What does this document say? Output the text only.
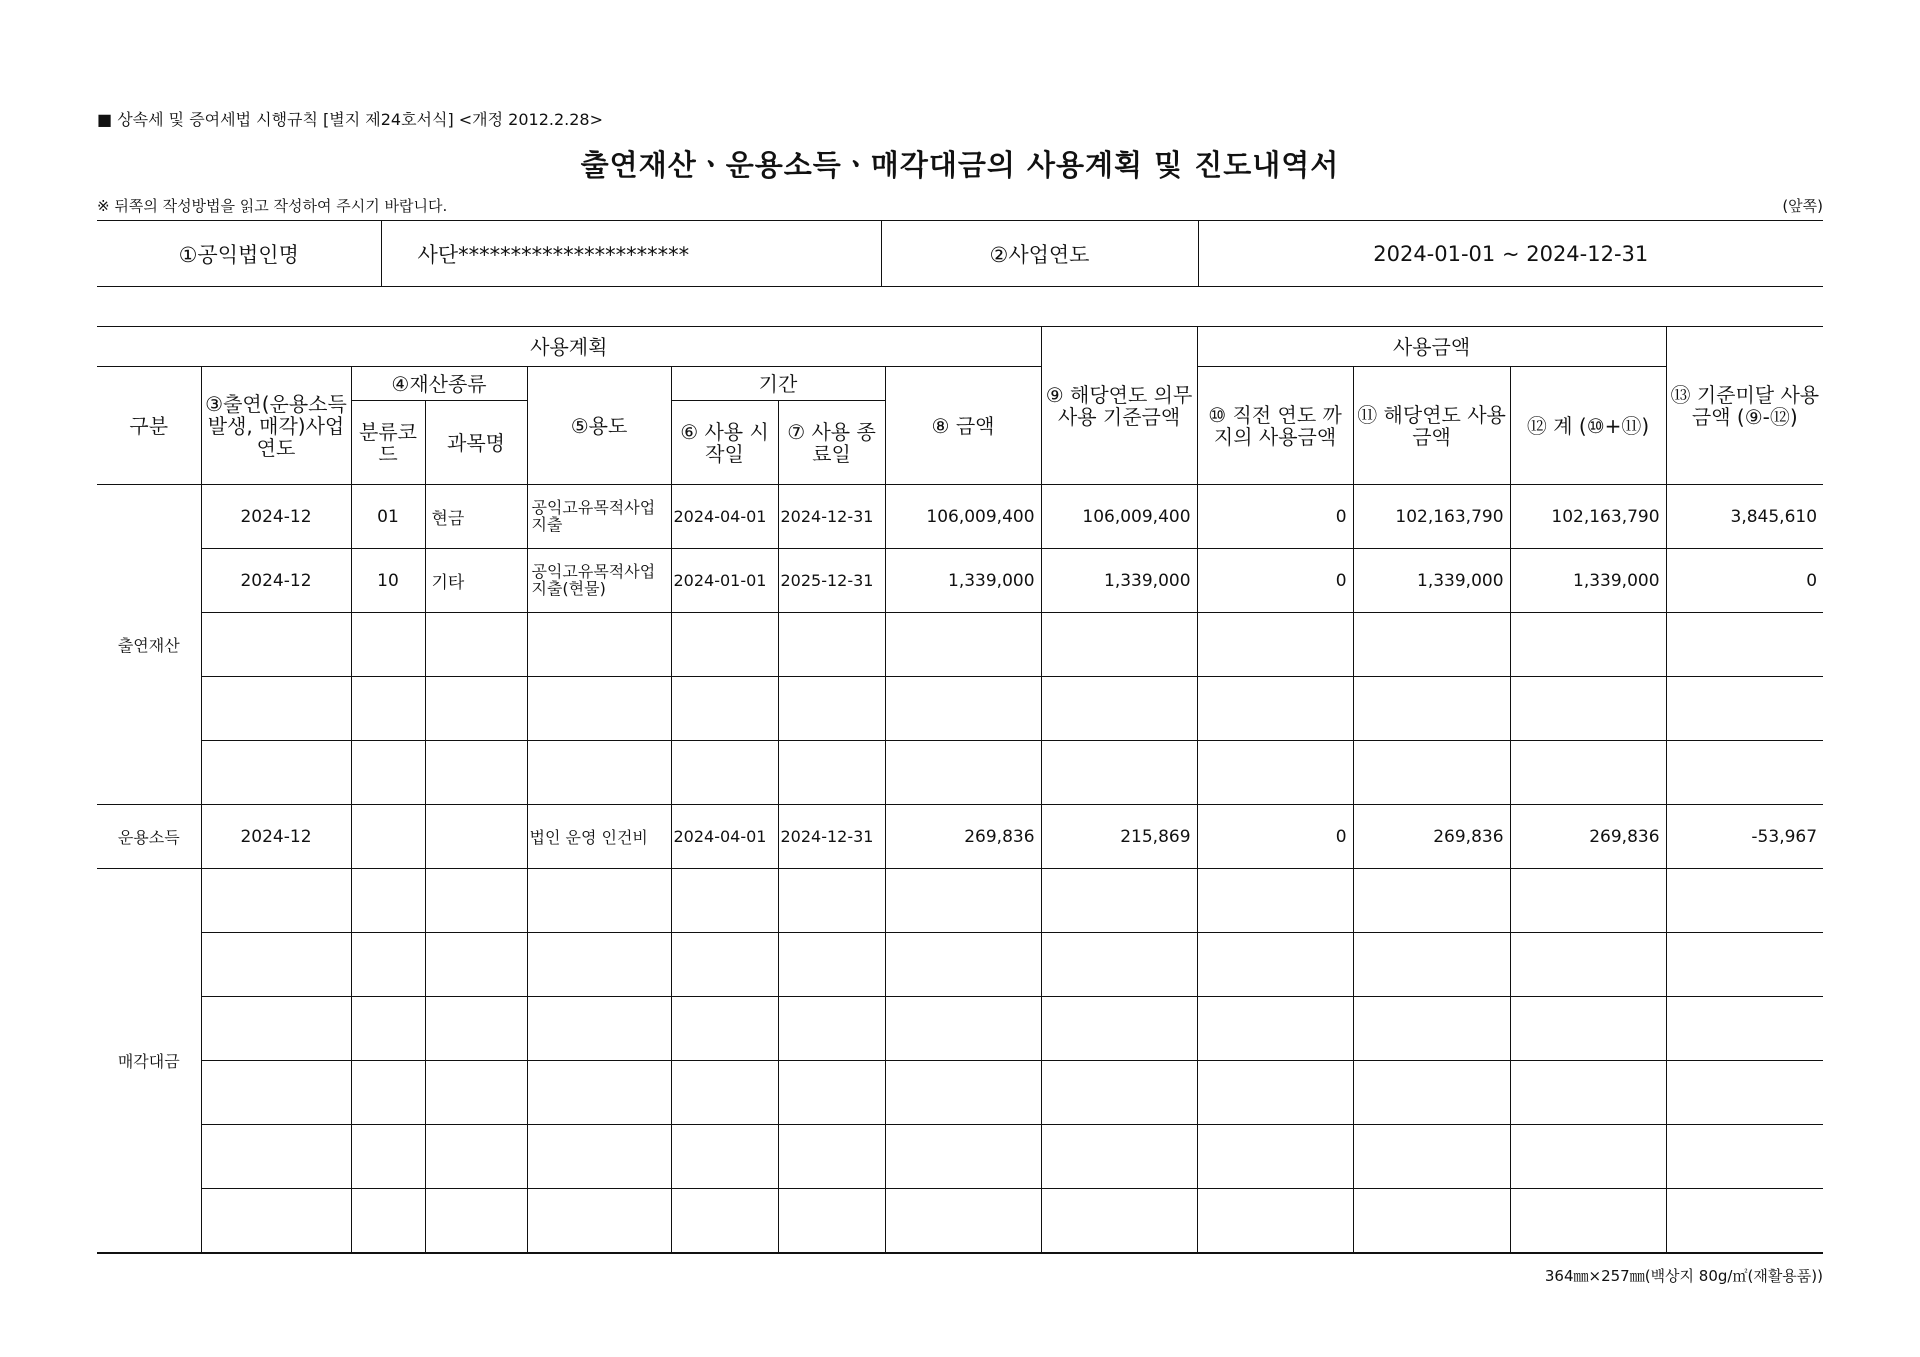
■ 상속세 및 증여세법 시행규칙 [별지 제24호서식] <개정 2012.2.28>
출연재산ㆍ운용소득ㆍ매각대금의 사용계획 및 진도내역서
※ 뒤쪽의 작성방법을 읽고 작성하여 주시기 바랍니다.	(앞쪽)
①공익법인명	사단**********************	②사업연도	2024-01-01 ~ 2024-12-31
사용계획								⑨ 해당연도 의무사용 기준금액	사용금액			⑬ 기준미달 사용금액 (⑨-⑫)
구분	③출연(운용소득 발생, 매각)사업연도	④재산종류		⑤용도	기간		⑧ 금액		⑩ 직전 연도 까지의 사용금액	⑪ 해당연도 사용금액	⑫ 계 (⑩+⑪)	
		분류코드	과목명		⑥ 사용 시작일	⑦ 사용 종료일						
출연재산	2024-12	01	현금	공익고유목적사업 지출	2024-04-01	2024-12-31	106,009,400	106,009,400	0	102,163,790	102,163,790	3,845,610
	2024-12	10	기타	공익고유목적사업 지출(현물)	2024-01-01	2025-12-31	1,339,000	1,339,000	0	1,339,000	1,339,000	0

운용소득	2024-12			법인 운영 인건비	2024-04-01	2024-12-31	269,836	215,869	0	269,836	269,836	-53,967
매각대금												

364㎜×257㎜(백상지 80g/㎡(재활용품))
